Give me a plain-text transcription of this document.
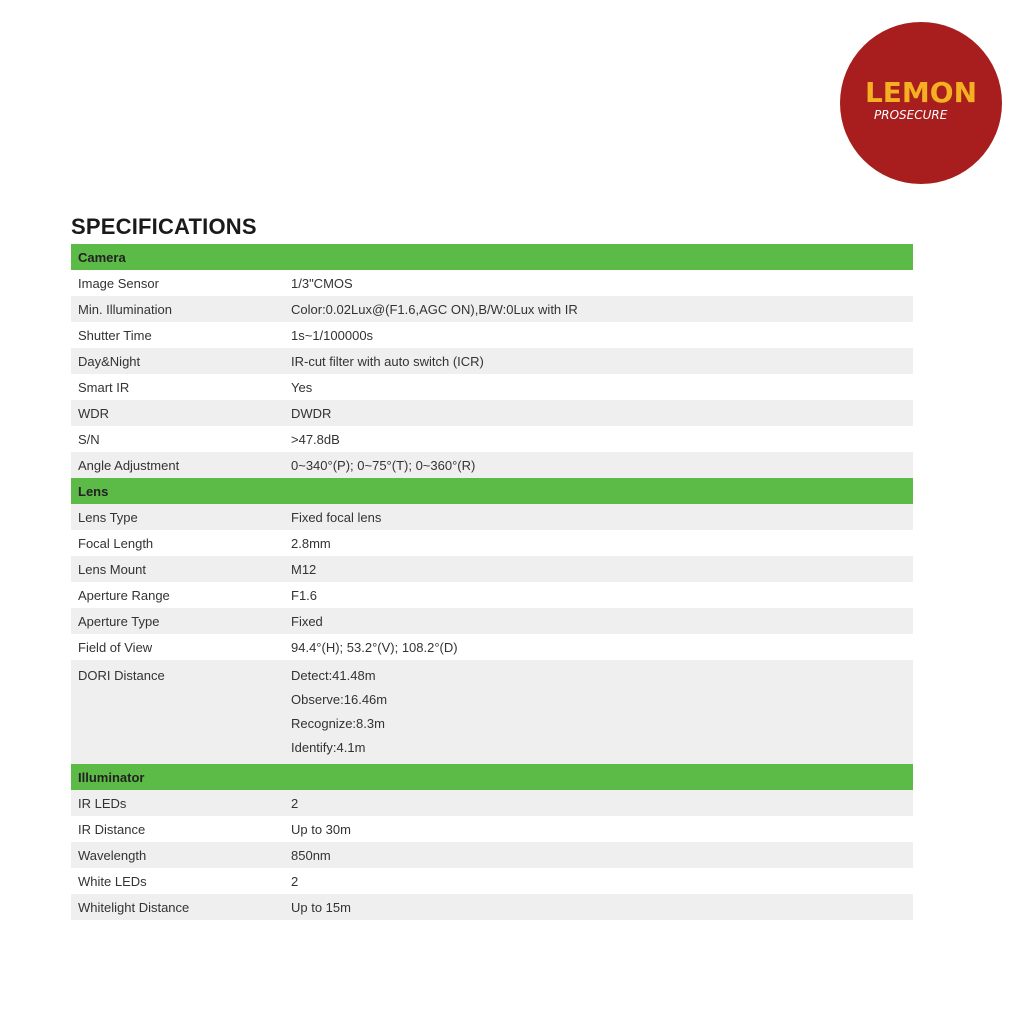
LEMON
PROSECURE
SPECIFICATIONS
Camera	
Image Sensor	1/3"CMOS
Min. Illumination	Color:0.02Lux@(F1.6,AGC ON),B/W:0Lux with IR
Shutter Time	1s~1/100000s
Day&Night	IR-cut filter with auto switch (ICR)
Smart IR	Yes
WDR	DWDR
S/N	>47.8dB
Angle Adjustment	0~340°(P); 0~75°(T); 0~360°(R)
Lens	
Lens Type	Fixed focal lens
Focal Length	2.8mm
Lens Mount	M12
Aperture Range	F1.6
Aperture Type	Fixed
Field of View	94.4°(H); 53.2°(V); 108.2°(D)

DORI Distance	Detect:41.48m
Observe:16.46m
Recognize:8.3m
Identify:4.1m

Illuminator	
IR LEDs	2
IR Distance	Up to 30m
Wavelength	850nm
White LEDs	2
Whitelight Distance	Up to 15m
